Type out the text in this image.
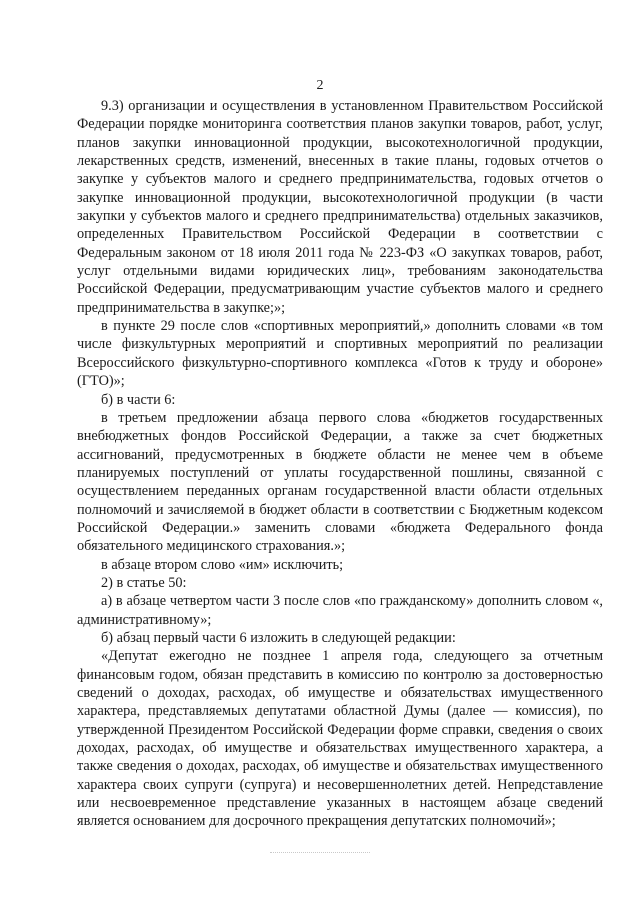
2

9.3) организации и осуществления в установленном Правительством Российской Федерации порядке мониторинга соответствия планов закупки товаров, работ, услуг, планов закупки инновационной продукции, высокотехнологичной продукции, лекарственных средств, изменений, внесенных в такие планы, годовых отчетов о закупке у субъектов малого и среднего предпринимательства, годовых отчетов о закупке инновационной продукции, высокотехнологичной продукции (в части закупки у субъектов малого и среднего предпринимательства) отдельных заказчиков, определенных Правительством Российской Федерации в соответствии с Федеральным законом от 18 июля 2011 года № 223-ФЗ «О закупках товаров, работ, услуг отдельными видами юридических лиц», требованиям законодательства Российской Федерации, предусматривающим участие субъектов малого и среднего предпринимательства в закупке;»;

в пункте 29 после слов «спортивных мероприятий,» дополнить словами «в том числе физкультурных мероприятий и спортивных мероприятий по реализации Всероссийского физкультурно-спортивного комплекса «Готов к труду и обороне» (ГТО)»;

б) в части 6:

в третьем предложении абзаца первого слова «бюджетов государственных внебюджетных фондов Российской Федерации, а также за счет бюджетных ассигнований, предусмотренных в бюджете области не менее чем в объеме планируемых поступлений от уплаты государственной пошлины, связанной с осуществлением переданных органам государственной власти области отдельных полномочий и зачисляемой в бюджет области в соответствии с Бюджетным кодексом Российской Федерации.» заменить словами «бюджета Федерального фонда обязательного медицинского страхования.»;

в абзаце втором слово «им» исключить;

2) в статье 50:

а) в абзаце четвертом части 3 после слов «по гражданскому» дополнить словом «, административному»;

б) абзац первый части 6 изложить в следующей редакции:

«Депутат ежегодно не позднее 1 апреля года, следующего за отчетным финансовым годом, обязан представить в комиссию по контролю за достоверностью сведений о доходах, расходах, об имуществе и обязательствах имущественного характера, представляемых депутатами областной Думы (далее — комиссия), по утвержденной Президентом Российской Федерации форме справки, сведения о своих доходах, расходах, об имуществе и обязательствах имущественного характера, а также сведения о доходах, расходах, об имуществе и обязательствах имущественного характера своих супруги (супруга) и несовершеннолетних детей. Непредставление или несвоевременное представление указанных в настоящем абзаце сведений является основанием для досрочного прекращения депутатских полномочий»;
